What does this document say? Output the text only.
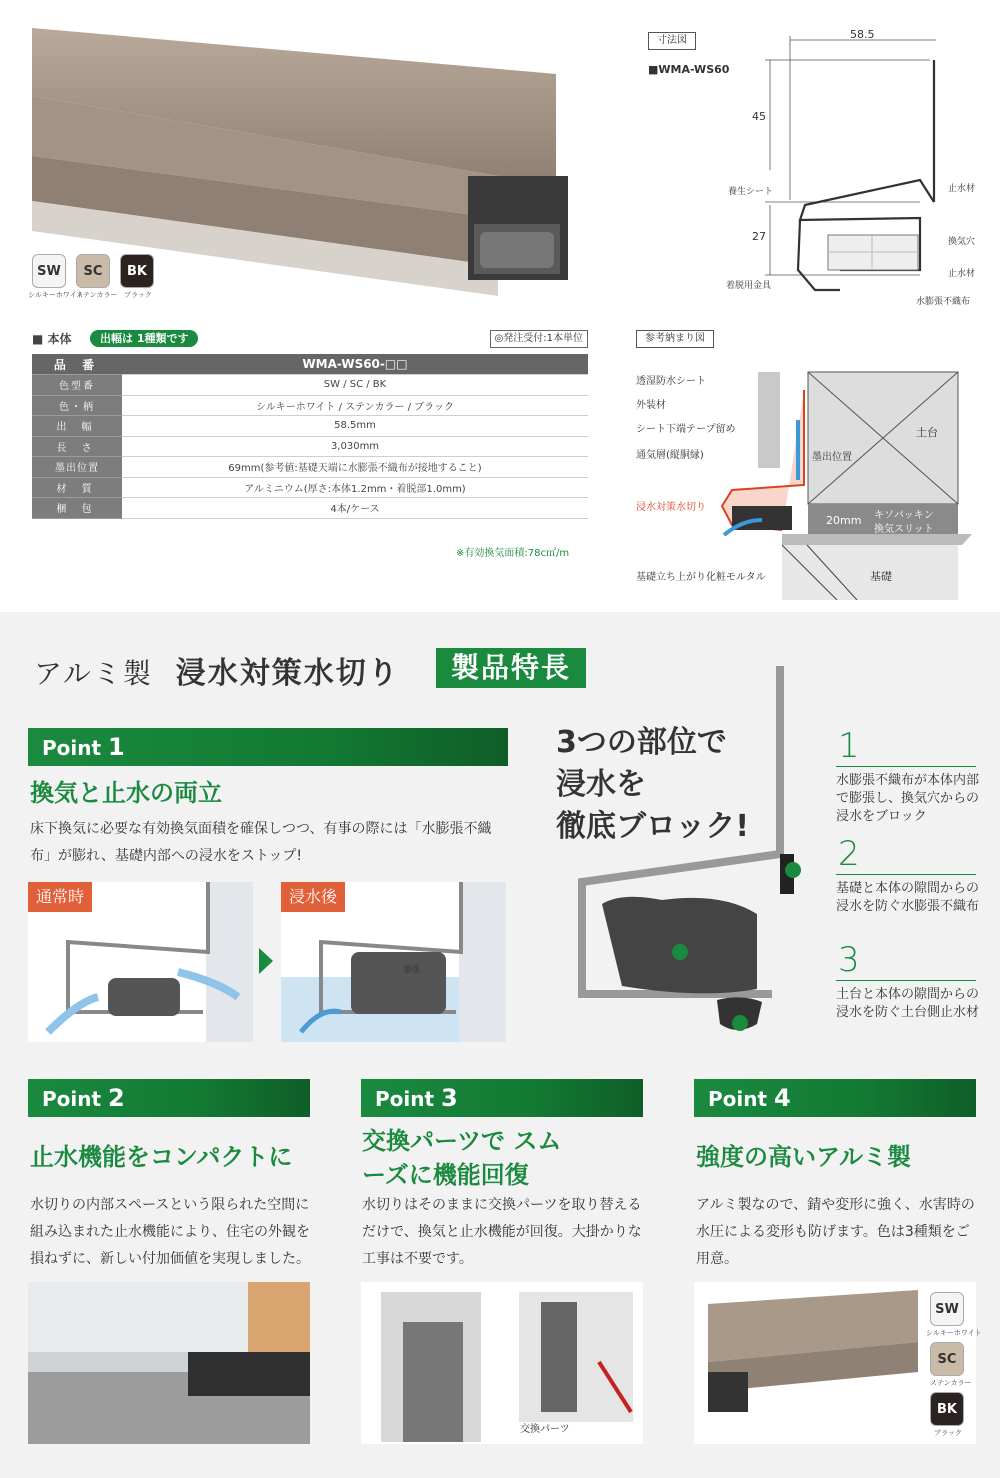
SW	SC	BK
シルキーホワイト
ステンカラー ブラック
寸法図
■WMA-WS60
58.5
45
27
止水材
換気穴
止水材
水膨張不織布
養生シート
着脱用金具
■ 本体	出幅は 1種類です	◎発注受付:1本単位
品 番	WMA-WS60-□□
色型番	SW / SC / BK
色・柄	シルキーホワイト / ステンカラー / ブラック
出 幅	58.5mm
長 さ	3,030mm
墨出位置	69mm(参考値:基礎天端に水膨張不織布が接地すること)
材 質	アルミニウム(厚さ:本体1.2mm・着脱部1.0mm)
梱 包	4本/ケース
※有効換気面積:78c㎡/m
参考納まり図
透湿防水シート
外装材
シート下端テープ留め
通気層(縦胴縁)
浸水対策水切り
基礎立ち上がり化粧モルタル
墨出位置
土台
20mm キソパッキン
換気スリット
基礎
アルミ製 浸水対策水切り	製品特長
Point 1
換気と止水の両立
床下換気に必要な有効換気面積を確保しつつ、有事の際には「水膨張不織布」が膨れ、基礎内部への浸水をストップ!
通常時	浸水後
膨張
3つの部位で
浸水を
徹底ブロック!
1
水膨張不織布が本体内部で膨張し、換気穴からの浸水をブロック
2
基礎と本体の隙間からの浸水を防ぐ水膨張不織布
3
土台と本体の隙間からの浸水を防ぐ土台側止水材
Point 2	Point 3	Point 4
止水機能をコンパクトに
交換パーツで スムーズに機能回復
強度の高いアルミ製
水切りの内部スペースという限られた空間に組み込まれた止水機能により、住宅の外観を損ねずに、新しい付加価値を実現しました。
水切りはそのままに交換パーツを取り替えるだけで、換気と止水機能が回復。大掛かりな工事は不要です。
アルミ製なので、錆や変形に強く、水害時の水圧による変形も防げます。色は3種類をご用意。
交換パーツ
SW
シルキーホワイト
SC
ステンカラー
BK
ブラック
